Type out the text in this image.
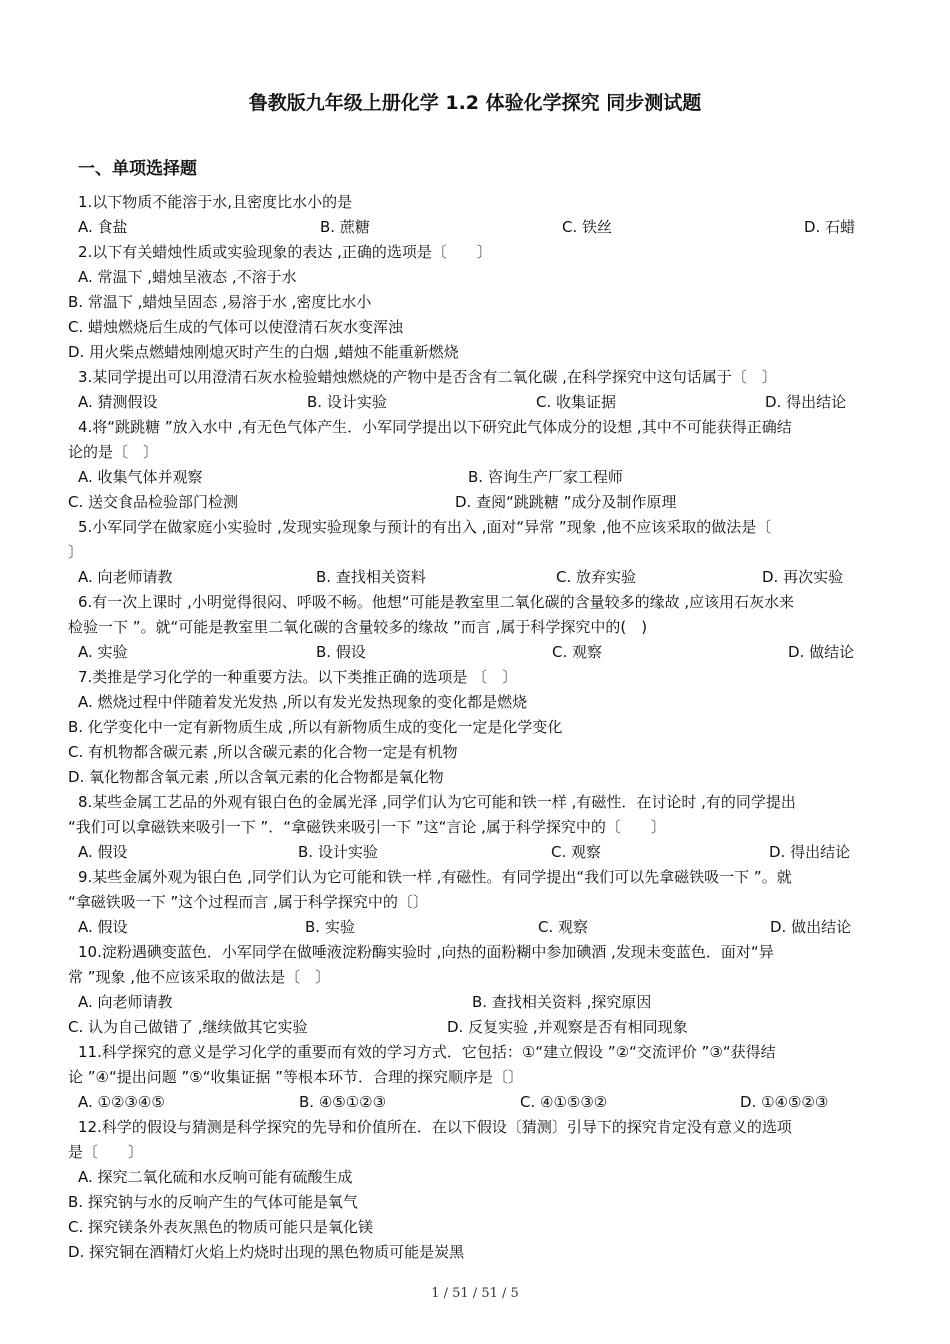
鲁教版九年级上册化学 1.2 体验化学探究 同步测试题
一、单项选择题
1.以下物质不能溶于水,且密度比水小的是
A. 食盐	B. 蔗糖	C. 铁丝	D. 石蜡
2.以下有关蜡烛性质或实验现象的表达 ,正确的选项是〔　　〕
A. 常温下 ,蜡烛呈液态 ,不溶于水
B. 常温下 ,蜡烛呈固态 ,易溶于水 ,密度比水小
C. 蜡烛燃烧后生成的气体可以使澄清石灰水变浑浊
D. 用火柴点燃蜡烛刚熄灭时产生的白烟 ,蜡烛不能重新燃烧
3.某同学提出可以用澄清石灰水检验蜡烛燃烧的产物中是否含有二氧化碳 ,在科学探究中这句话属于〔　〕
A. 猜测假设	B. 设计实验	C. 收集证据	D. 得出结论
4.将“跳跳糖 ”放入水中 ,有无色气体产生．小军同学提出以下研究此气体成分的设想 ,其中不可能获得正确结
论的是〔　〕
A. 收集气体并观察	B. 咨询生产厂家工程师
C. 送交食品检验部门检测	D. 查阅“跳跳糖 ”成分及制作原理
5.小军同学在做家庭小实验时 ,发现实验现象与预计的有出入 ,面对“异常 ”现象 ,他不应该采取的做法是〔
〕
A. 向老师请教	B. 查找相关资料	C. 放弃实验	D. 再次实验
6.有一次上课时 ,小明觉得很闷、呼吸不畅。他想“可能是教室里二氧化碳的含量较多的缘故 ,应该用石灰水来
检验一下 ”。就“可能是教室里二氧化碳的含量较多的缘故 ”而言 ,属于科学探究中的(　)
A. 实验	B. 假设	C. 观察	D. 做结论
7.类推是学习化学的一种重要方法。以下类推正确的选项是 〔　〕
A. 燃烧过程中伴随着发光发热 ,所以有发光发热现象的变化都是燃烧
B. 化学变化中一定有新物质生成 ,所以有新物质生成的变化一定是化学变化
C. 有机物都含碳元素 ,所以含碳元素的化合物一定是有机物
D. 氧化物都含氧元素 ,所以含氧元素的化合物都是氧化物
8.某些金属工艺品的外观有银白色的金属光泽 ,同学们认为它可能和铁一样 ,有磁性．在讨论时 ,有的同学提出
“我们可以拿磁铁来吸引一下 ”．“拿磁铁来吸引一下 ”这“言论 ,属于科学探究中的〔　　〕
A. 假设	B. 设计实验	C. 观察	D. 得出结论
9.某些金属外观为银白色 ,同学们认为它可能和铁一样 ,有磁性。有同学提出“我们可以先拿磁铁吸一下 ”。就
“拿磁铁吸一下 ”这个过程而言 ,属于科学探究中的〔〕
A. 假设	B. 实验	C. 观察	D. 做出结论
10.淀粉遇碘变蓝色．小军同学在做唾液淀粉酶实验时 ,向热的面粉糊中参加碘酒 ,发现未变蓝色．面对“异
常 ”现象 ,他不应该采取的做法是〔　〕
A. 向老师请教	B. 查找相关资料 ,探究原因
C. 认为自己做错了 ,继续做其它实验	D. 反复实验 ,并观察是否有相同现象
11.科学探究的意义是学习化学的重要而有效的学习方式．它包括：①“建立假设 ”②“交流评价 ”③“获得结
论 ”④“提出问题 ”⑤“收集证据 ”等根本环节．合理的探究顺序是〔〕
A. ①②③④⑤	B. ④⑤①②③	C. ④①⑤③②	D. ①④⑤②③
12.科学的假设与猜测是科学探究的先导和价值所在．在以下假设〔猜测〕引导下的探究肯定没有意义的选项
是〔　　〕
A. 探究二氧化硫和水反响可能有硫酸生成
B. 探究钠与水的反响产生的气体可能是氧气
C. 探究镁条外表灰黑色的物质可能只是氧化镁
D. 探究铜在酒精灯火焰上灼烧时出现的黑色物质可能是炭黑
1 / 51 / 51 / 5
